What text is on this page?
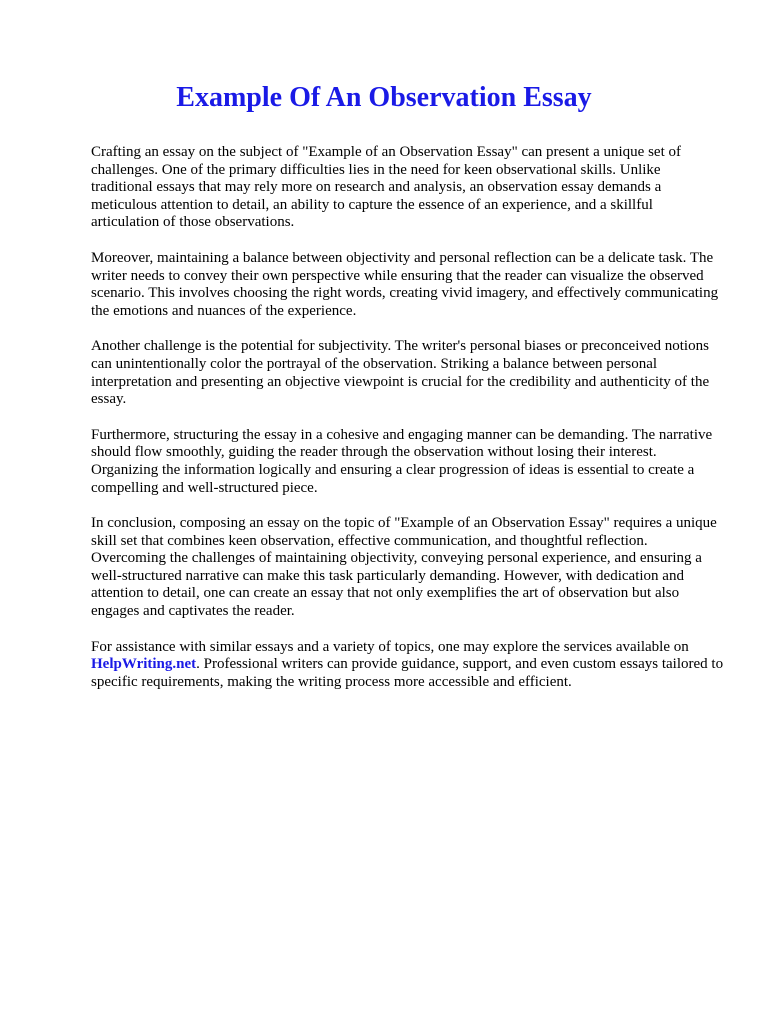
Example Of An Observation Essay

Crafting an essay on the subject of "Example of an Observation Essay" can present a unique set of challenges. One of the primary difficulties lies in the need for keen observational skills. Unlike traditional essays that may rely more on research and analysis, an observation essay demands a meticulous attention to detail, an ability to capture the essence of an experience, and a skillful articulation of those observations.

Moreover, maintaining a balance between objectivity and personal reflection can be a delicate task. The writer needs to convey their own perspective while ensuring that the reader can visualize the observed scenario. This involves choosing the right words, creating vivid imagery, and effectively communicating the emotions and nuances of the experience.

Another challenge is the potential for subjectivity. The writer's personal biases or preconceived notions can unintentionally color the portrayal of the observation. Striking a balance between personal interpretation and presenting an objective viewpoint is crucial for the credibility and authenticity of the essay.

Furthermore, structuring the essay in a cohesive and engaging manner can be demanding. The narrative should flow smoothly, guiding the reader through the observation without losing their interest. Organizing the information logically and ensuring a clear progression of ideas is essential to create a compelling and well-structured piece.

In conclusion, composing an essay on the topic of "Example of an Observation Essay" requires a unique skill set that combines keen observation, effective communication, and thoughtful reflection. Overcoming the challenges of maintaining objectivity, conveying personal experience, and ensuring a well-structured narrative can make this task particularly demanding. However, with dedication and attention to detail, one can create an essay that not only exemplifies the art of observation but also engages and captivates the reader.

For assistance with similar essays and a variety of topics, one may explore the services available on HelpWriting.net. Professional writers can provide guidance, support, and even custom essays tailored to specific requirements, making the writing process more accessible and efficient.
